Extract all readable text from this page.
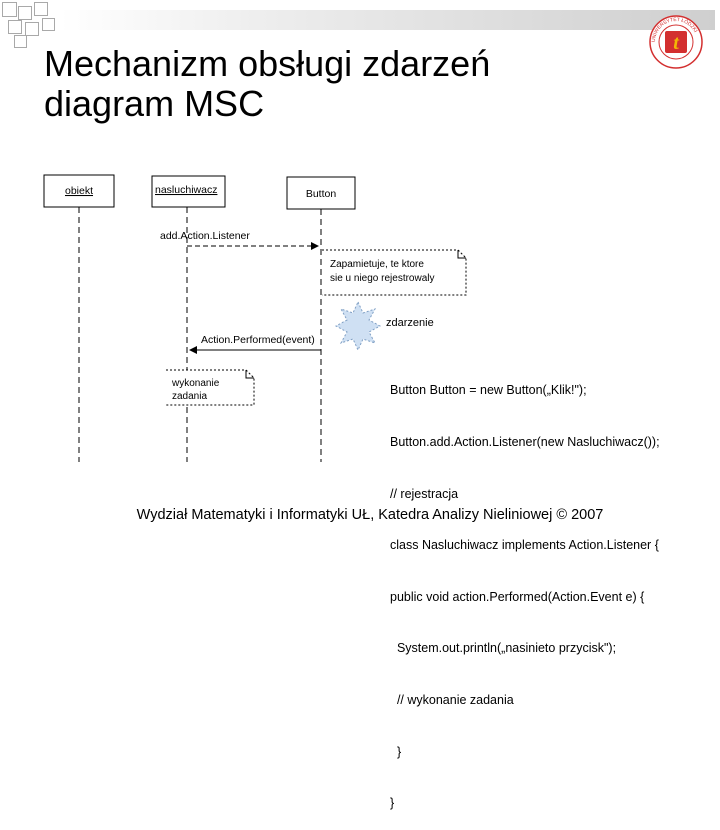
Mechanizm obsługi zdarzeń
diagram MSC
UNIWERSYTET ŁÓDZKI
t
obiekt	nasluchiwacz	Button
add.Action.Listener
Zapamietuje, te ktore
sie u niego rejestrowaly
zdarzenie
Action.Performed(event)
wykonanie
zadania

	Button Button = new Button(„Klik!");

Button.add.Action.Listener(new Nasluchiwacz());

// rejestracja

class Nasluchiwacz implements Action.Listener {

public void action.Performed(Action.Event e) {

System.out.println(„nasinieto przycisk");

// wykonanie zadania

}

}

Wydział Matematyki i Informatyki UŁ, Katedra Analizy Nieliniowej © 2007
